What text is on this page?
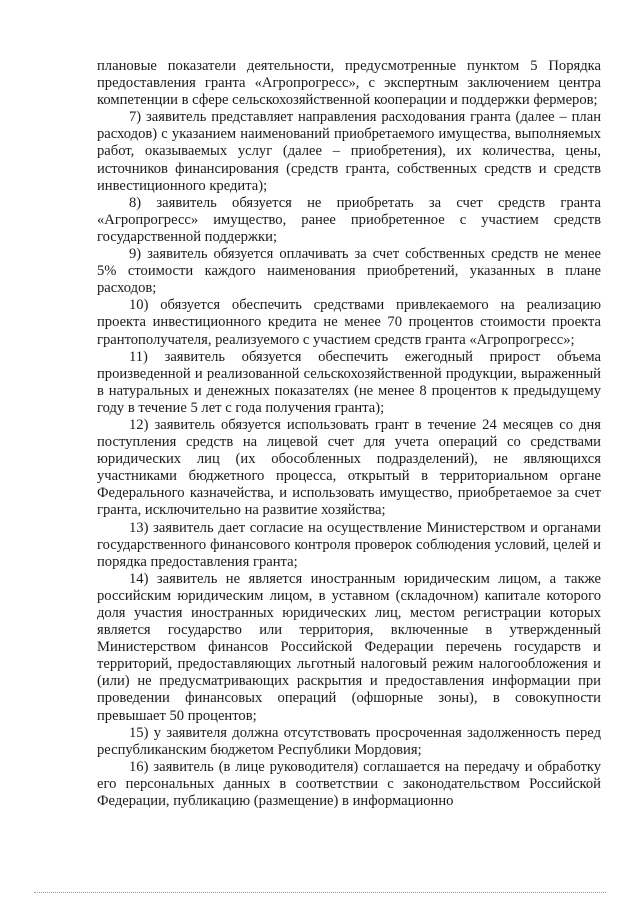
плановые показатели деятельности, предусмотренные пунктом 5 Порядка предоставления гранта «Агропрогресс», с экспертным заключением центра компетенции в сфере сельскохозяйственной кооперации и поддержки фермеров;

7) заявитель представляет направления расходования гранта (далее – план расходов) с указанием наименований приобретаемого имущества, выполняемых работ, оказываемых услуг (далее – приобретения), их количества, цены, источников финансирования (средств гранта, собственных средств и средств инвестиционного кредита);

8) заявитель обязуется не приобретать за счет средств гранта «Агропрогресс» имущество, ранее приобретенное с участием средств государственной поддержки;

9) заявитель обязуется оплачивать за счет собственных средств не менее 5% стоимости каждого наименования приобретений, указанных в плане расходов;

10) обязуется обеспечить средствами привлекаемого на реализацию проекта инвестиционного кредита не менее 70 процентов стоимости проекта грантополучателя, реализуемого с участием средств гранта «Агропрогресс»;

11) заявитель обязуется обеспечить ежегодный прирост объема произведенной и реализованной сельскохозяйственной продукции, выраженный в натуральных и денежных показателях (не менее 8 процентов к предыдущему году в течение 5 лет с года получения гранта);

12) заявитель обязуется использовать грант в течение 24 месяцев со дня поступления средств на лицевой счет для учета операций со средствами юридических лиц (их обособленных подразделений), не являющихся участниками бюджетного процесса, открытый в территориальном органе Федерального казначейства, и использовать имущество, приобретаемое за счет гранта, исключительно на развитие хозяйства;

13) заявитель дает согласие на осуществление Министерством и органами государственного финансового контроля проверок соблюдения условий, целей и порядка предоставления гранта;

14) заявитель не является иностранным юридическим лицом, а также российским юридическим лицом, в уставном (складочном) капитале которого доля участия иностранных юридических лиц, местом регистрации которых является государство или территория, включенные в утвержденный Министерством финансов Российской Федерации перечень государств и территорий, предоставляющих льготный налоговый режим налогообложения и (или) не предусматривающих раскрытия и предоставления информации при проведении финансовых операций (офшорные зоны), в совокупности превышает 50 процентов;

15) у заявителя должна отсутствовать просроченная задолженность перед республиканским бюджетом Республики Мордовия;

16) заявитель (в лице руководителя) соглашается на передачу и обработку его персональных данных в соответствии с законодательством Российской Федерации, публикацию (размещение) в информационно
